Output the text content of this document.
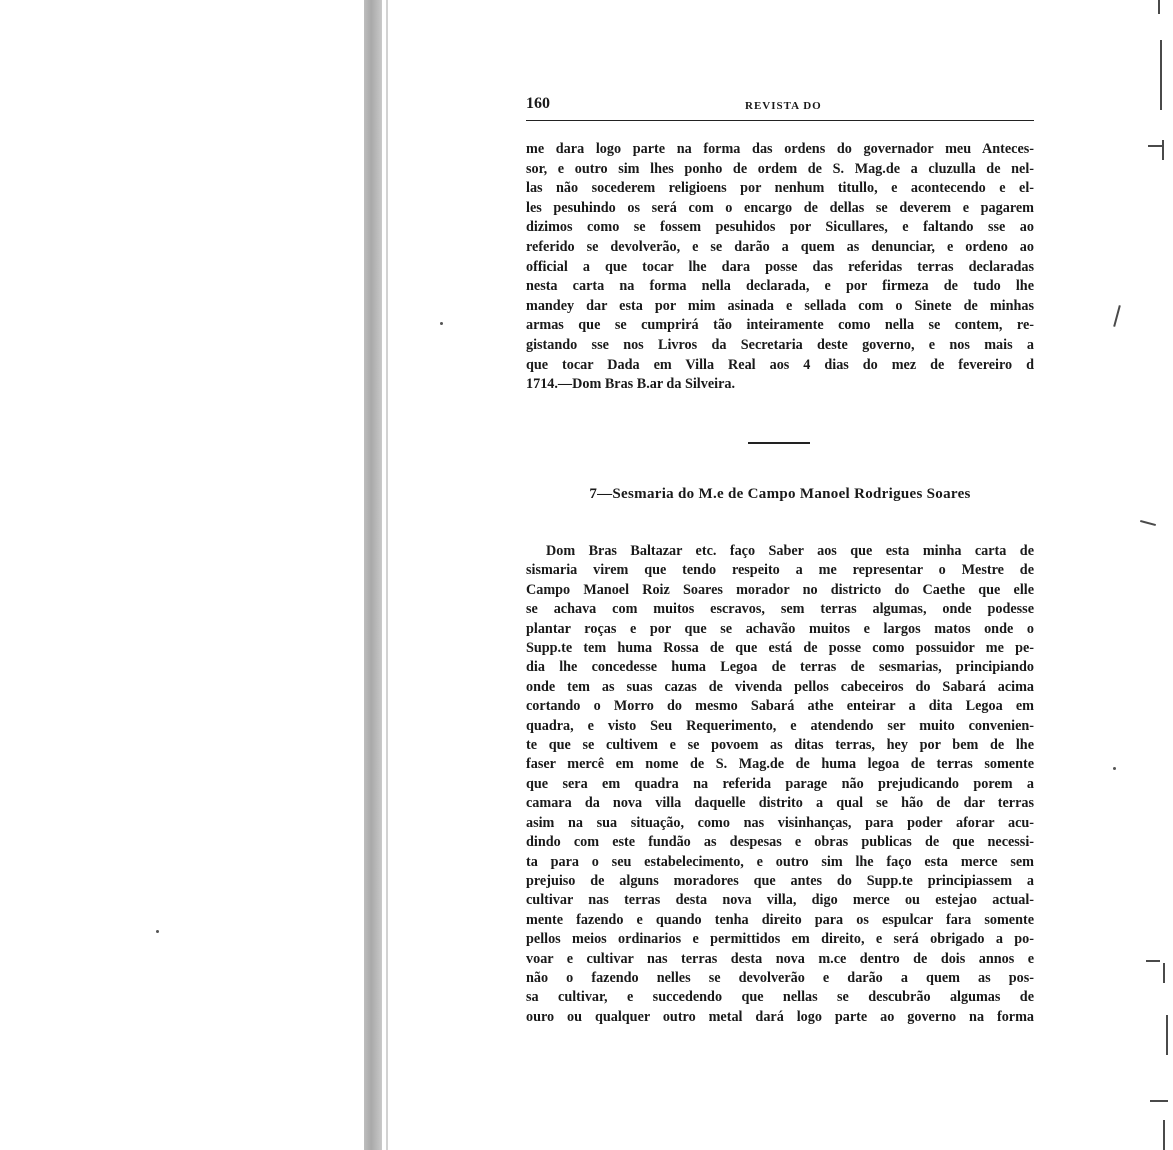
160	REVISTA DO
me dara logo parte na forma das ordens do governador meu Anteces-
sor, e outro sim lhes ponho de ordem de S. Mag.de a cluzulla de nel-
las não socederem religioens por nenhum titullo, e acontecendo e el-
les pesuhindo os será com o encargo de dellas se deverem e pagarem
dizimos como se fossem pesuhidos por Sicullares, e faltando sse ao
referido se devolverão, e se darão a quem as denunciar, e ordeno ao
official a que tocar lhe dara posse das referidas terras declaradas
nesta carta na forma nella declarada, e por firmeza de tudo lhe
mandey dar esta por mim asinada e sellada com o Sinete de minhas
armas que se cumprirá tão inteiramente como nella se contem, re-
gistando sse nos Livros da Secretaria deste governo, e nos mais a
que tocar Dada em Villa Real aos 4 dias do mez de fevereiro d
1714.—Dom Bras B.ar da Silveira.
7—Sesmaria do M.e de Campo Manoel Rodrigues Soares
Dom Bras Baltazar etc. faço Saber aos que esta minha carta de
sismaria virem que tendo respeito a me representar o Mestre de
Campo Manoel Roiz Soares morador no districto do Caethe que elle
se achava com muitos escravos, sem terras algumas, onde podesse
plantar roças e por que se achavão muitos e largos matos onde o
Supp.te tem huma Rossa de que está de posse como possuidor me pe-
dia lhe concedesse huma Legoa de terras de sesmarias, principiando
onde tem as suas cazas de vivenda pellos cabeceiros do Sabará acima
cortando o Morro do mesmo Sabará athe enteirar a dita Legoa em
quadra, e visto Seu Requerimento, e atendendo ser muito convenien-
te que se cultivem e se povoem as ditas terras, hey por bem de lhe
faser mercê em nome de S. Mag.de de huma legoa de terras somente
que sera em quadra na referida parage não prejudicando porem a
camara da nova villa daquelle distrito a qual se hão de dar terras
asim na sua situação, como nas visinhanças, para poder aforar acu-
dindo com este fundão as despesas e obras publicas de que necessi-
ta para o seu estabelecimento, e outro sim lhe faço esta merce sem
prejuiso de alguns moradores que antes do Supp.te principiassem a
cultivar nas terras desta nova villa, digo merce ou estejao actual-
mente fazendo e quando tenha direito para os espulcar fara somente
pellos meios ordinarios e permittidos em direito, e será obrigado a po-
voar e cultivar nas terras desta nova m.ce dentro de dois annos e
não o fazendo nelles se devolverão e darão a quem as pos-
sa cultivar, e succedendo que nellas se descubrão algumas de
ouro ou qualquer outro metal dará logo parte ao governo na forma
